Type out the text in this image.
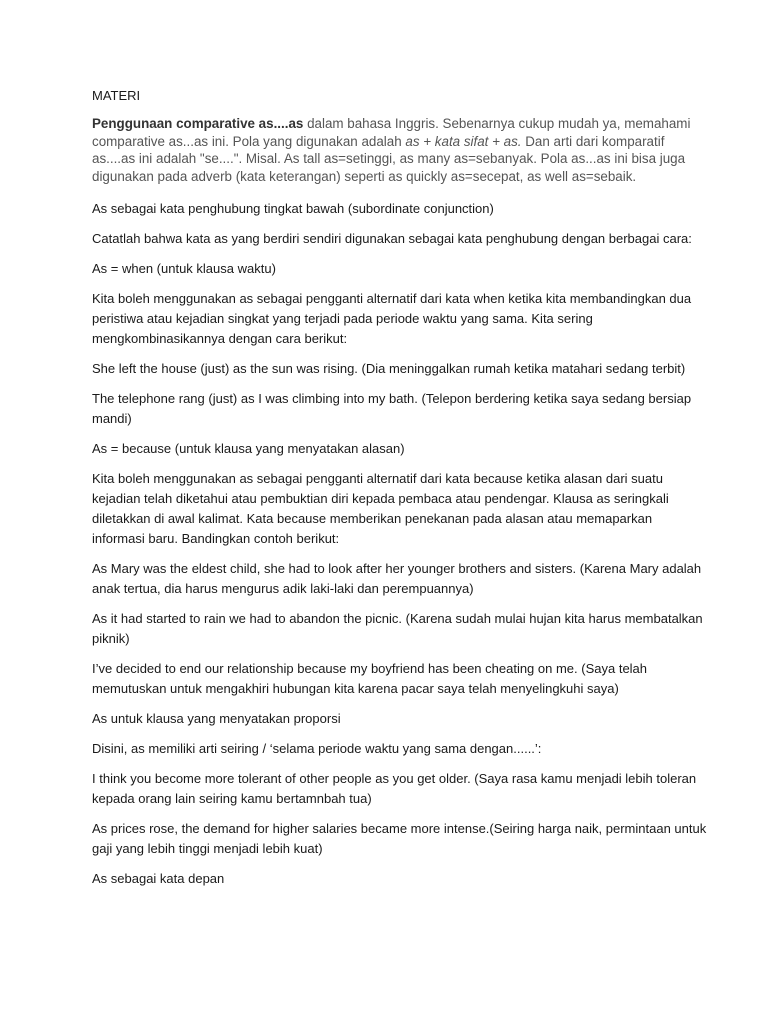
MATERI

Penggunaan comparative as....as dalam bahasa Inggris. Sebenarnya cukup mudah ya, memahami comparative as...as ini. Pola yang digunakan adalah as + kata sifat + as. Dan arti dari komparatif as....as ini adalah "se....". Misal. As tall as=setinggi, as many as=sebanyak. Pola as...as ini bisa juga digunakan pada adverb (kata keterangan) seperti as quickly as=secepat, as well as=sebaik.

As sebagai kata penghubung tingkat bawah (subordinate conjunction)

Catatlah bahwa kata as yang berdiri sendiri digunakan sebagai kata penghubung dengan berbagai cara:

As = when (untuk klausa waktu)

Kita boleh menggunakan as sebagai pengganti alternatif dari kata when ketika kita membandingkan dua peristiwa atau kejadian singkat yang terjadi pada periode waktu yang sama. Kita sering mengkombinasikannya dengan cara berikut:

She left the house (just) as the sun was rising. (Dia meninggalkan rumah ketika matahari sedang terbit)

The telephone rang (just) as I was climbing into my bath. (Telepon berdering ketika saya sedang bersiap mandi)

As = because (untuk klausa yang menyatakan alasan)

Kita boleh menggunakan as sebagai pengganti alternatif dari kata because ketika alasan dari suatu kejadian telah diketahui atau pembuktian diri kepada pembaca atau pendengar. Klausa as seringkali diletakkan di awal kalimat. Kata because memberikan penekanan pada alasan atau memaparkan informasi baru. Bandingkan contoh berikut:

As Mary was the eldest child, she had to look after her younger brothers and sisters. (Karena Mary adalah anak tertua, dia harus mengurus adik laki-laki dan perempuannya)

As it had started to rain we had to abandon the picnic. (Karena sudah mulai hujan kita harus membatalkan piknik)

I’ve decided to end our relationship because my boyfriend has been cheating on me. (Saya telah memutuskan untuk mengakhiri hubungan kita karena pacar saya telah menyelingkuhi saya)

As untuk klausa yang menyatakan proporsi

Disini, as memiliki arti seiring / ‘selama periode waktu yang sama dengan......’:

I think you become more tolerant of other people as you get older. (Saya rasa kamu menjadi lebih toleran kepada orang lain seiring kamu bertamnbah tua)

As prices rose, the demand for higher salaries became more intense.(Seiring harga naik, permintaan untuk gaji yang lebih tinggi menjadi lebih kuat)

As sebagai kata depan
